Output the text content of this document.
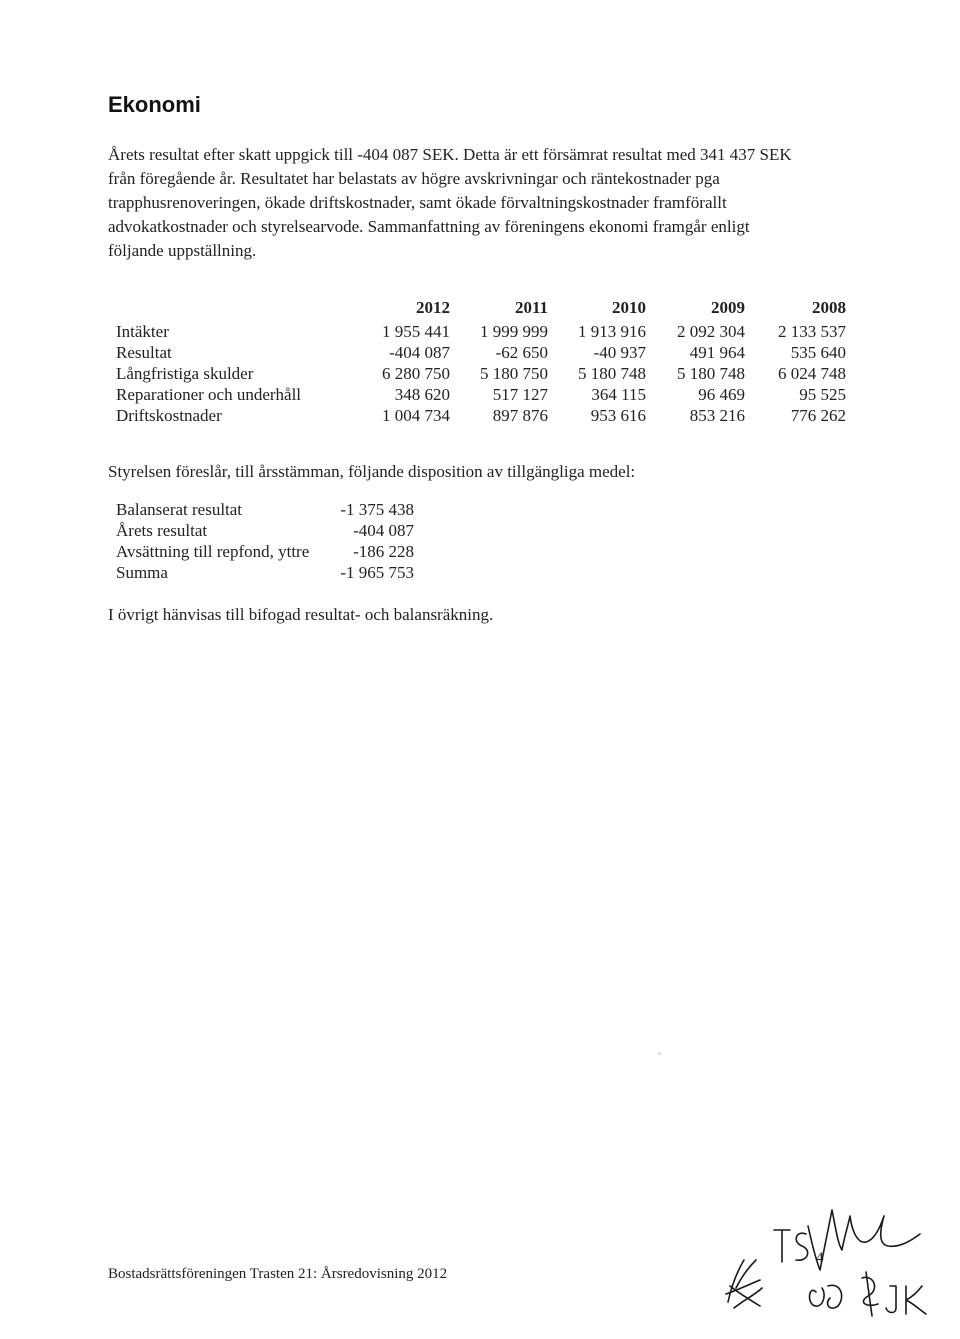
Ekonomi

Årets resultat efter skatt uppgick till -404 087 SEK. Detta är ett försämrat resultat med 341 437 SEK
från föregående år. Resultatet har belastats av högre avskrivningar och räntekostnader pga
trapphusrenoveringen, ökade driftskostnader, samt ökade förvaltningskostnader framförallt
advokatkostnader och styrelsearvode. Sammanfattning av föreningens ekonomi framgår enligt
följande uppställning.

	2012	2011	2010	2009	2008
Intäkter	1 955 441	1 999 999	1 913 916	2 092 304	2 133 537
Resultat	-404 087	-62 650	-40 937	491 964	535 640
Långfristiga skulder	6 280 750	5 180 750	5 180 748	5 180 748	6 024 748
Reparationer och underhåll	348 620	517 127	364 115	96 469	95 525
Driftskostnader	1 004 734	897 876	953 616	853 216	776 262

Styrelsen föreslår, till årsstämman, följande disposition av tillgängliga medel:

Balanserat resultat	-1 375 438
Årets resultat	-404 087
Avsättning till repfond, yttre	-186 228
Summa	-1 965 753

I övrigt hänvisas till bifogad resultat- och balansräkning.

Bostadsrättsföreningen Trasten 21: Årsredovisning 2012

4
